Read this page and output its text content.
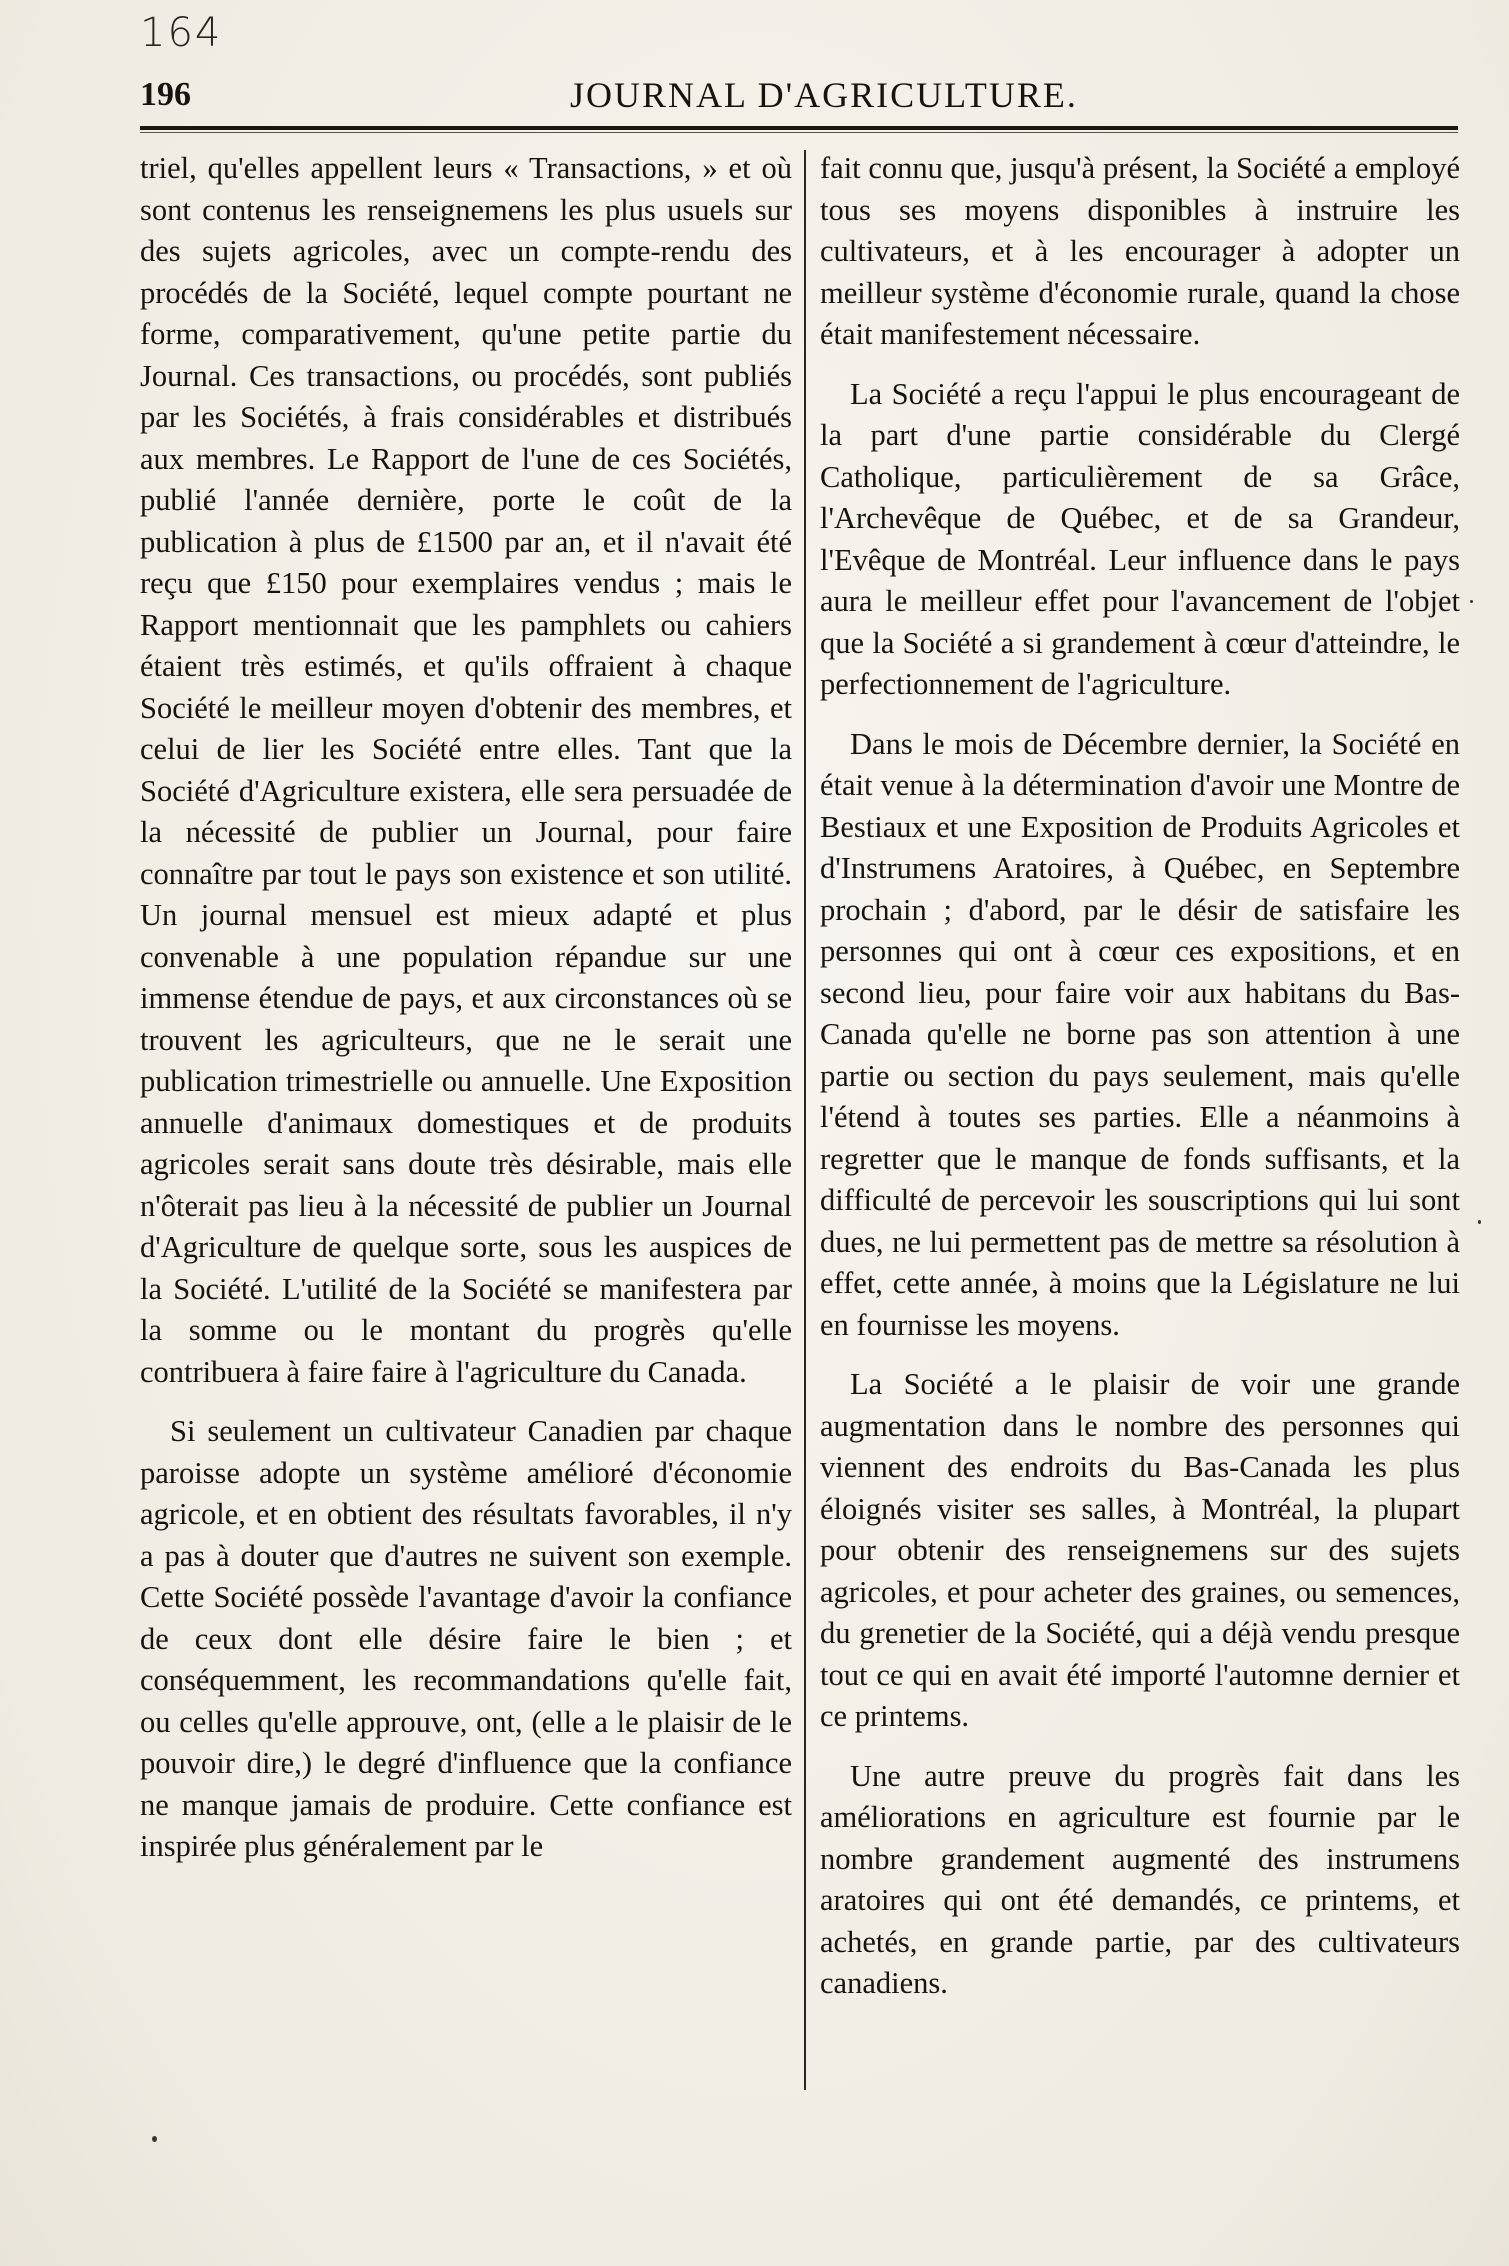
164
196	JOURNAL D'AGRICULTURE.

triel, qu'elles appellent leurs « Transactions, » et où sont contenus les renseignemens les plus usuels sur des sujets agricoles, avec un compte-rendu des procédés de la Société, lequel compte pourtant ne forme, comparativement, qu'une petite partie du Journal. Ces transactions, ou procédés, sont publiés par les Sociétés, à frais considérables et distribués aux membres. Le Rapport de l'une de ces Sociétés, publié l'année dernière, porte le coût de la publication à plus de £1500 par an, et il n'avait été reçu que £150 pour exemplaires vendus ; mais le Rapport mentionnait que les pamphlets ou cahiers étaient très estimés, et qu'ils offraient à chaque Société le meilleur moyen d'obtenir des membres, et celui de lier les Société entre elles. Tant que la Société d'Agriculture existera, elle sera persuadée de la nécessité de publier un Journal, pour faire connaître par tout le pays son existence et son utilité. Un journal mensuel est mieux adapté et plus convenable à une population répandue sur une immense étendue de pays, et aux circonstances où se trouvent les agriculteurs, que ne le serait une publication trimestrielle ou annuelle. Une Exposition annuelle d'animaux domestiques et de produits agricoles serait sans doute très désirable, mais elle n'ôterait pas lieu à la nécessité de publier un Journal d'Agriculture de quelque sorte, sous les auspices de la Société. L'utilité de la Société se manifestera par la somme ou le montant du progrès qu'elle contribuera à faire faire à l'agriculture du Canada.

Si seulement un cultivateur Canadien par chaque paroisse adopte un système amélioré d'économie agricole, et en obtient des résultats favorables, il n'y a pas à douter que d'autres ne suivent son exemple. Cette Société possède l'avantage d'avoir la confiance de ceux dont elle désire faire le bien ; et conséquemment, les recommandations qu'elle fait, ou celles qu'elle approuve, ont, (elle a le plaisir de le pouvoir dire,) le degré d'influence que la confiance ne manque jamais de produire. Cette confiance est inspirée plus généralement par le

fait connu que, jusqu'à présent, la Société a employé tous ses moyens disponibles à instruire les cultivateurs, et à les encourager à adopter un meilleur système d'économie rurale, quand la chose était manifestement nécessaire.

La Société a reçu l'appui le plus encourageant de la part d'une partie considérable du Clergé Catholique, particulièrement de sa Grâce, l'Archevêque de Québec, et de sa Grandeur, l'Evêque de Montréal. Leur influence dans le pays aura le meilleur effet pour l'avancement de l'objet que la Société a si grandement à cœur d'atteindre, le perfectionnement de l'agriculture.

Dans le mois de Décembre dernier, la Société en était venue à la détermination d'avoir une Montre de Bestiaux et une Exposition de Produits Agricoles et d'Instrumens Aratoires, à Québec, en Septembre prochain ; d'abord, par le désir de satisfaire les personnes qui ont à cœur ces expositions, et en second lieu, pour faire voir aux habitans du Bas-Canada qu'elle ne borne pas son attention à une partie ou section du pays seulement, mais qu'elle l'étend à toutes ses parties. Elle a néanmoins à regretter que le manque de fonds suffisants, et la difficulté de percevoir les souscriptions qui lui sont dues, ne lui permettent pas de mettre sa résolution à effet, cette année, à moins que la Législature ne lui en fournisse les moyens.

La Société a le plaisir de voir une grande augmentation dans le nombre des personnes qui viennent des endroits du Bas-Canada les plus éloignés visiter ses salles, à Montréal, la plupart pour obtenir des renseignemens sur des sujets agricoles, et pour acheter des graines, ou semences, du grenetier de la Société, qui a déjà vendu presque tout ce qui en avait été importé l'automne dernier et ce printems.

Une autre preuve du progrès fait dans les améliorations en agriculture est fournie par le nombre grandement augmenté des instrumens aratoires qui ont été demandés, ce printems, et achetés, en grande partie, par des cultivateurs canadiens.
